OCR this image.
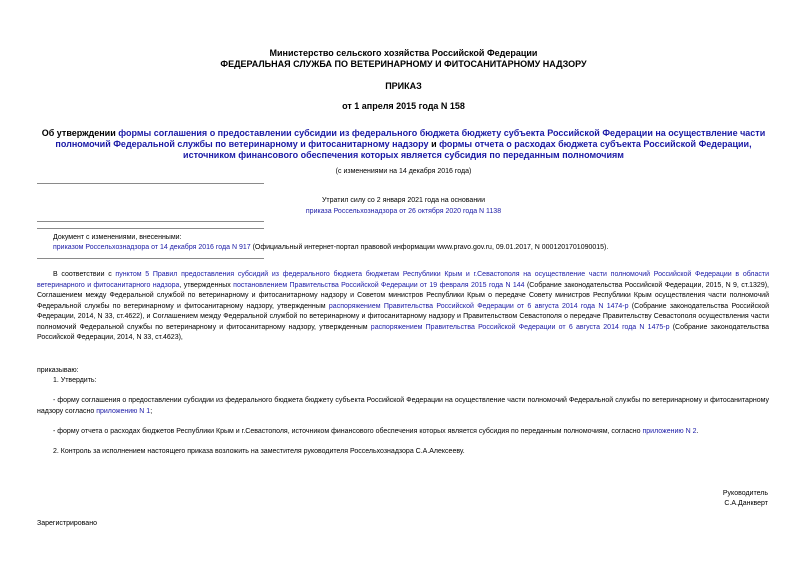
Министерство сельского хозяйства Российской Федерации
ФЕДЕРАЛЬНАЯ СЛУЖБА ПО ВЕТЕРИНАРНОМУ И ФИТОСАНИТАРНОМУ НАДЗОРУ
ПРИКАЗ
от 1 апреля 2015 года N 158
Об утверждении формы соглашения о предоставлении субсидии из федерального бюджета бюджету субъекта Российской Федерации на осуществление части
полномочий Федеральной службы по ветеринарному и фитосанитарному надзору и формы отчета о расходах бюджета субъекта Российской Федерации,
источником финансового обеспечения которых является субсидия по переданным полномочиям
(с изменениями на 14 декабря 2016 года)
Утратил силу со 2 января 2021 года на основании
приказа Россельхознадзора от 26 октября 2020 года N 1138
Документ с изменениями, внесенными:
приказом Россельхознадзора от 14 декабря 2016 года N 917 (Официальный интернет-портал правовой информации www.pravo.gov.ru, 09.01.2017, N 0001201701090015).
В соответствии с пунктом 5 Правил предоставления субсидий из федерального бюджета бюджетам Республики Крым и г.Севастополя на осуществление части полномочий Российской Федерации в области ветеринарного и фитосанитарного надзора, утвержденных постановлением Правительства Российской Федерации от 19 февраля 2015 года N 144 (Собрание законодательства Российской Федерации, 2015, N 9, ст.1329), Соглашением между Федеральной службой по ветеринарному и фитосанитарному надзору и Советом министров Республики Крым о передаче Совету министров Республики Крым осуществления части полномочий Федеральной службы по ветеринарному и фитосанитарному надзору, утвержденным распоряжением Правительства Российской Федерации от 6 августа 2014 года N 1474-р (Собрание законодательства Российской Федерации, 2014, N 33, ст.4622), и Соглашением между Федеральной службой по ветеринарному и фитосанитарному надзору и Правительством Севастополя о передаче Правительству Севастополя осуществления части полномочий Федеральной службы по ветеринарному и фитосанитарному надзору, утвержденным распоряжением Правительства Российской Федерации от 6 августа 2014 года N 1475-р (Собрание законодательства Российской Федерации, 2014, N 33, ст.4623),
приказываю:
1. Утвердить:
- форму соглашения о предоставлении субсидии из федерального бюджета бюджету субъекта Российской Федерации на осуществление части полномочий Федеральной службы по ветеринарному и фитосанитарному надзору согласно приложению N 1;
- форму отчета о расходах бюджетов Республики Крым и г.Севастополя, источником финансового обеспечения которых является субсидия по переданным полномочиям, согласно приложению N 2.
2. Контроль за исполнением настоящего приказа возложить на заместителя руководителя Россельхознадзора С.А.Алексееву.
Руководитель
С.А.Данкверт
Зарегистрировано
